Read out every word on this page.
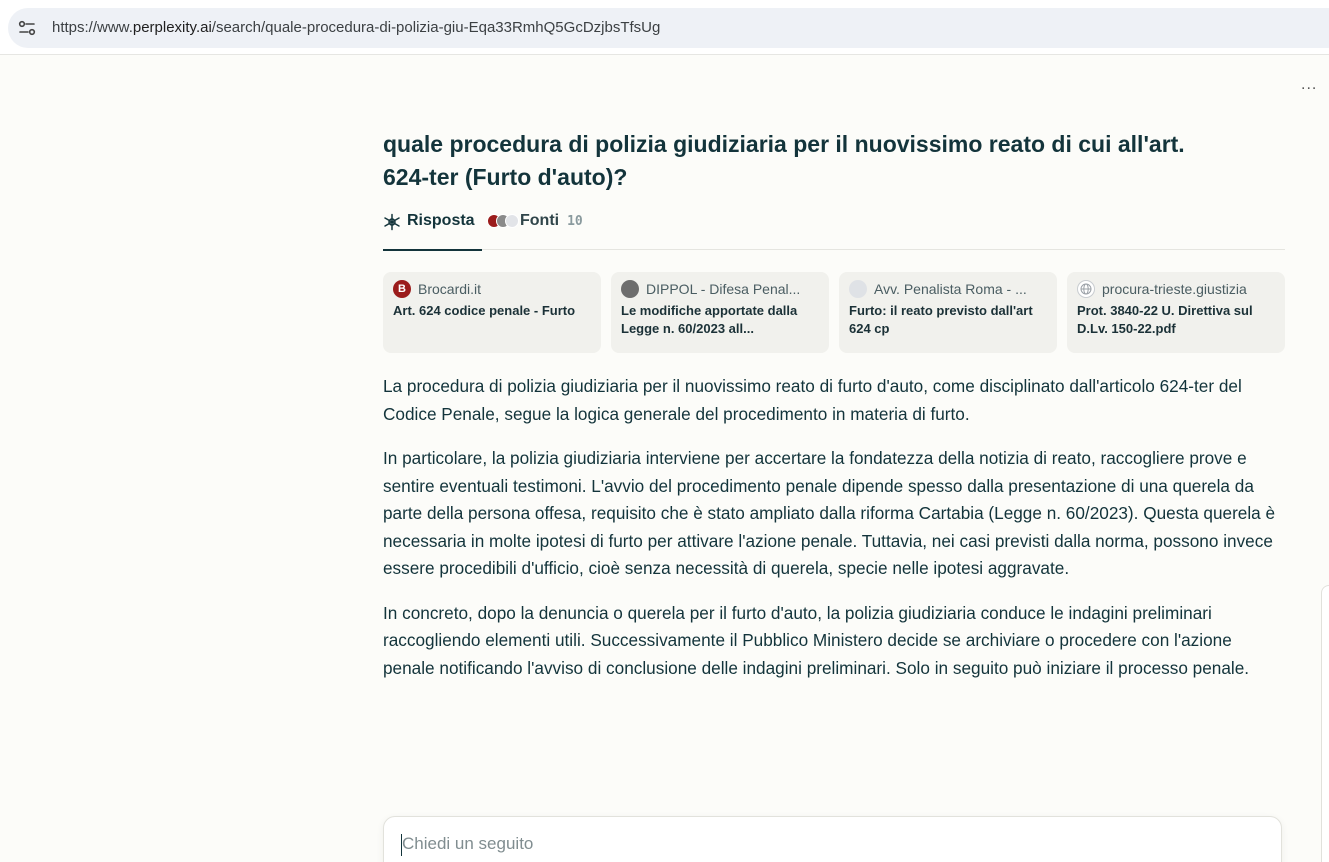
https://www.perplexity.ai/search/quale-procedura-di-polizia-giu-Eqa33RmhQ5GcDzjbsTfsUg
...
quale procedura di polizia giudiziaria per il nuovissimo reato di cui all'art. 624-ter (Furto d'auto)?
Risposta	Fonti 10
B Brocardi.it
Art. 624 codice penale - Furto
DIPPOL - Difesa Penal...
Le modifiche apportate dalla Legge n. 60/2023 all...
Avv. Penalista Roma - ...
Furto: il reato previsto dall'art 624 cp
procura-trieste.giustizia
Prot. 3840-22 U. Direttiva sul D.Lv. 150-22.pdf

La procedura di polizia giudiziaria per il nuovissimo reato di furto d'auto, come disciplinato dall'articolo 624-ter del Codice Penale, segue la logica generale del procedimento in materia di furto.

In particolare, la polizia giudiziaria interviene per accertare la fondatezza della notizia di reato, raccogliere prove e sentire eventuali testimoni. L'avvio del procedimento penale dipende spesso dalla presentazione di una querela da parte della persona offesa, requisito che è stato ampliato dalla riforma Cartabia (Legge n. 60/2023). Questa querela è necessaria in molte ipotesi di furto per attivare l'azione penale. Tuttavia, nei casi previsti dalla norma, possono invece essere procedibili d'ufficio, cioè senza necessità di querela, specie nelle ipotesi aggravate.

In concreto, dopo la denuncia o querela per il furto d'auto, la polizia giudiziaria conduce le indagini preliminari raccogliendo elementi utili. Successivamente il Pubblico Ministero decide se archiviare o procedere con l'azione penale notificando l'avviso di conclusione delle indagini preliminari. Solo in seguito può iniziare il processo penale.

Chiedi un seguito
